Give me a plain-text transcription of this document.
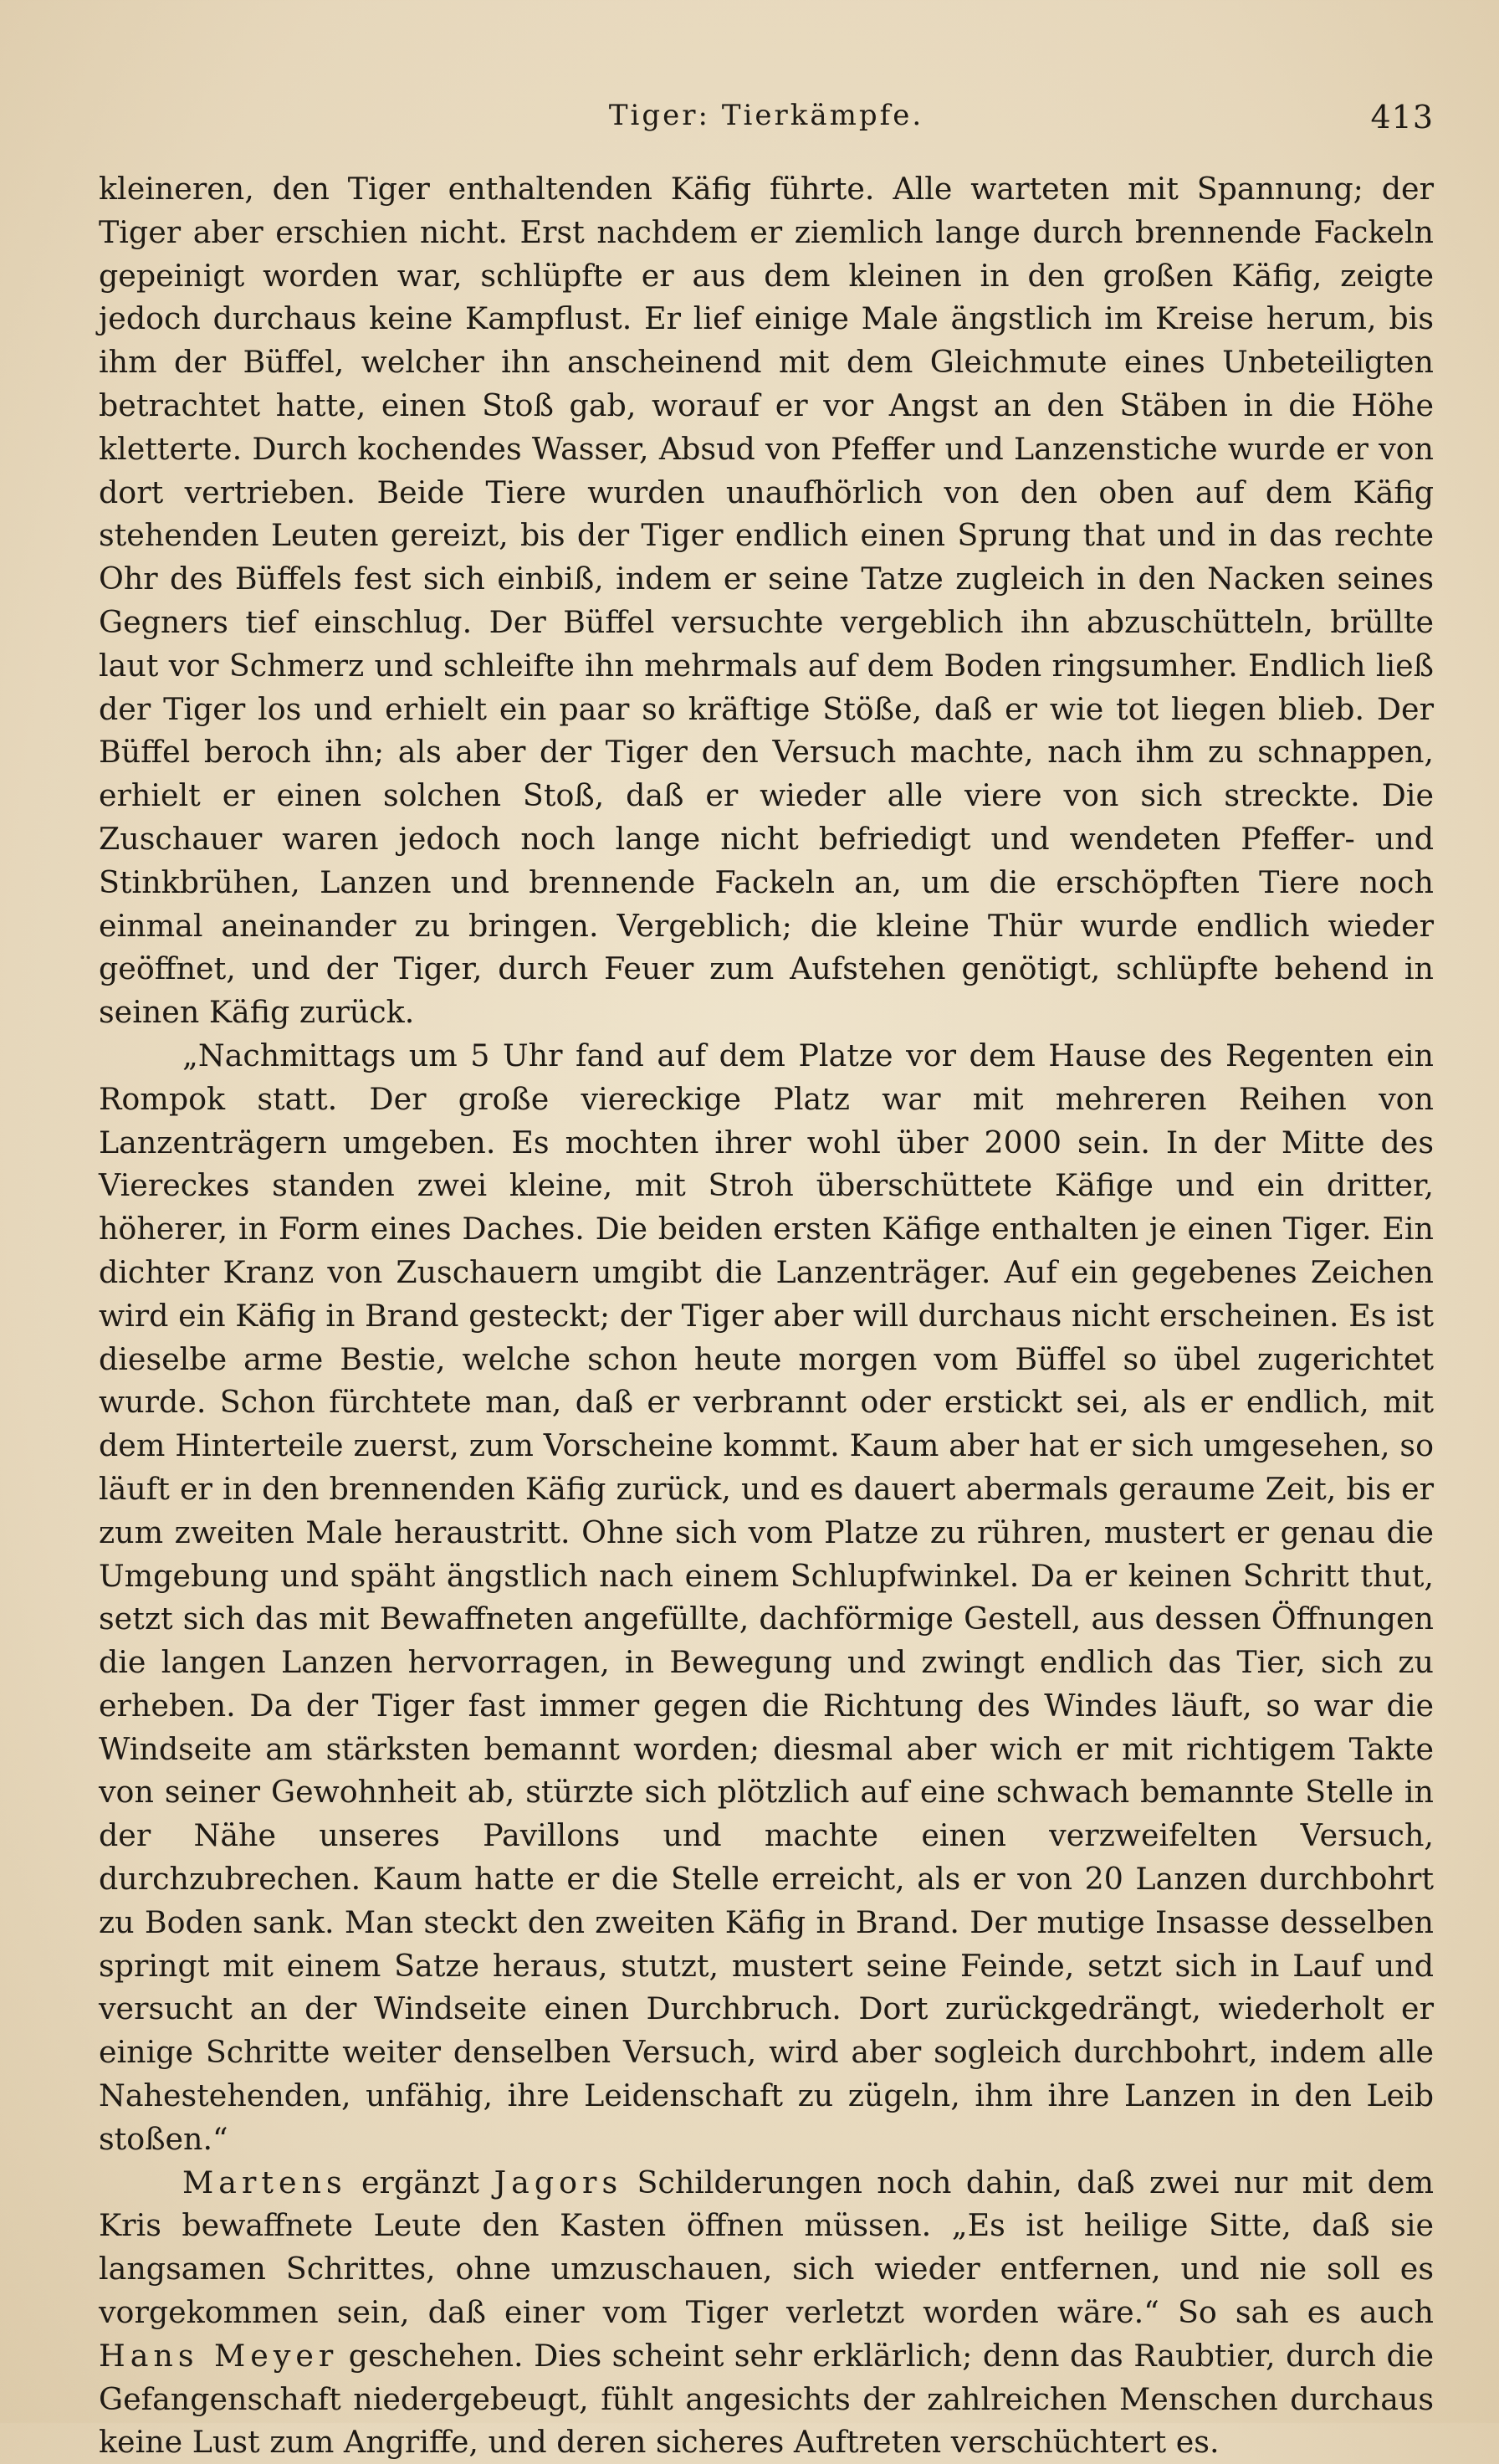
Tiger: Tierkämpfe.	413

kleineren, den Tiger enthaltenden Käfig führte. Alle warteten mit Spannung; der Tiger aber erschien nicht. Erst nachdem er ziemlich lange durch brennende Fackeln gepeinigt worden war, schlüpfte er aus dem kleinen in den großen Käfig, zeigte jedoch durchaus keine Kampflust. Er lief einige Male ängstlich im Kreise herum, bis ihm der Büffel, welcher ihn anscheinend mit dem Gleichmute eines Unbeteiligten betrachtet hatte, einen Stoß gab, worauf er vor Angst an den Stäben in die Höhe kletterte. Durch kochendes Wasser, Absud von Pfeffer und Lanzenstiche wurde er von dort vertrieben. Beide Tiere wurden unaufhörlich von den oben auf dem Käfig stehenden Leuten gereizt, bis der Tiger endlich einen Sprung that und in das rechte Ohr des Büffels fest sich einbiß, indem er seine Tatze zugleich in den Nacken seines Gegners tief einschlug. Der Büffel versuchte vergeblich ihn abzuschütteln, brüllte laut vor Schmerz und schleifte ihn mehrmals auf dem Boden ringsumher. Endlich ließ der Tiger los und erhielt ein paar so kräftige Stöße, daß er wie tot liegen blieb. Der Büffel beroch ihn; als aber der Tiger den Versuch machte, nach ihm zu schnappen, erhielt er einen solchen Stoß, daß er wieder alle viere von sich streckte. Die Zuschauer waren jedoch noch lange nicht befriedigt und wendeten Pfeffer- und Stinkbrühen, Lanzen und brennende Fackeln an, um die erschöpften Tiere noch einmal aneinander zu bringen. Vergeblich; die kleine Thür wurde endlich wieder geöffnet, und der Tiger, durch Feuer zum Aufstehen genötigt, schlüpfte behend in seinen Käfig zurück.

„Nachmittags um 5 Uhr fand auf dem Platze vor dem Hause des Regenten ein Rompok statt. Der große viereckige Platz war mit mehreren Reihen von Lanzenträgern umgeben. Es mochten ihrer wohl über 2000 sein. In der Mitte des Viereckes standen zwei kleine, mit Stroh überschüttete Käfige und ein dritter, höherer, in Form eines Daches. Die beiden ersten Käfige enthalten je einen Tiger. Ein dichter Kranz von Zuschauern umgibt die Lanzenträger. Auf ein gegebenes Zeichen wird ein Käfig in Brand gesteckt; der Tiger aber will durchaus nicht erscheinen. Es ist dieselbe arme Bestie, welche schon heute morgen vom Büffel so übel zugerichtet wurde. Schon fürchtete man, daß er verbrannt oder erstickt sei, als er endlich, mit dem Hinterteile zuerst, zum Vorscheine kommt. Kaum aber hat er sich umgesehen, so läuft er in den brennenden Käfig zurück, und es dauert abermals geraume Zeit, bis er zum zweiten Male heraustritt. Ohne sich vom Platze zu rühren, mustert er genau die Umgebung und späht ängstlich nach einem Schlupfwinkel. Da er keinen Schritt thut, setzt sich das mit Bewaffneten angefüllte, dachförmige Gestell, aus dessen Öffnungen die langen Lanzen hervorragen, in Bewegung und zwingt endlich das Tier, sich zu erheben. Da der Tiger fast immer gegen die Richtung des Windes läuft, so war die Windseite am stärksten bemannt worden; diesmal aber wich er mit richtigem Takte von seiner Gewohnheit ab, stürzte sich plötzlich auf eine schwach bemannte Stelle in der Nähe unseres Pavillons und machte einen verzweifelten Versuch, durchzubrechen. Kaum hatte er die Stelle erreicht, als er von 20 Lanzen durchbohrt zu Boden sank. Man steckt den zweiten Käfig in Brand. Der mutige Insasse desselben springt mit einem Satze heraus, stutzt, mustert seine Feinde, setzt sich in Lauf und versucht an der Windseite einen Durchbruch. Dort zurückgedrängt, wiederholt er einige Schritte weiter denselben Versuch, wird aber sogleich durchbohrt, indem alle Nahestehenden, unfähig, ihre Leidenschaft zu zügeln, ihm ihre Lanzen in den Leib stoßen.“

Martens ergänzt Jagors Schilderungen noch dahin, daß zwei nur mit dem Kris bewaffnete Leute den Kasten öffnen müssen. „Es ist heilige Sitte, daß sie langsamen Schrittes, ohne umzuschauen, sich wieder entfernen, und nie soll es vorgekommen sein, daß einer vom Tiger verletzt worden wäre.“ So sah es auch Hans Meyer geschehen. Dies scheint sehr erklärlich; denn das Raubtier, durch die Gefangenschaft niedergebeugt, fühlt angesichts der zahlreichen Menschen durchaus keine Lust zum Angriffe, und deren sicheres Auftreten verschüchtert es.
